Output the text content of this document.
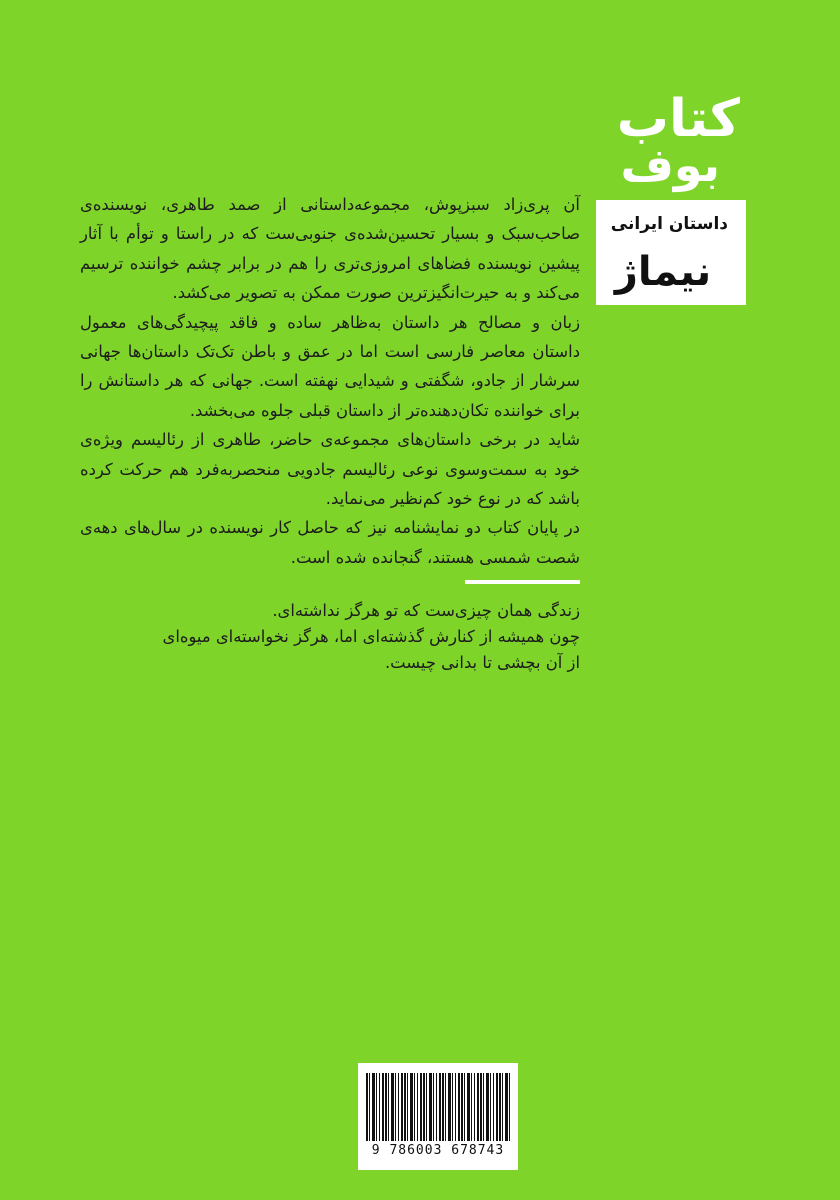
کتاب
بوف
داستان ایرانی
نیماژ

آن پری‌زاد سبزپوش، مجموعه‌داستانی از صمد طاهری، نویسنده‌ی صاحب‌سبک و بسیار تحسین‌شده‌ی جنوبی‌ست که در راستا و توأم با آثار پیشین نویسنده فضاهای امروزی‌تری را هم در برابر چشم خواننده ترسیم می‌کند و به حیرت‌انگیزترین صورت ممکن به تصویر می‌کشد.

زبان و مصالح هر داستان به‌ظاهر ساده و فاقد پیچیدگی‌های معمول داستان معاصر فارسی است اما در عمق و باطن تک‌تک داستان‌ها جهانی سرشار از جادو، شگفتی و شیدایی نهفته است. جهانی که هر داستانش را برای خواننده تکان‌دهنده‌تر از داستان قبلی جلوه می‌بخشد.

شاید در برخی داستان‌های مجموعه‌ی حاضر، طاهری از رئالیسم ویژه‌ی خود به سمت‌وسوی نوعی رئالیسم جادویی منحصربه‌فرد هم حرکت کرده باشد که در نوع خود کم‌نظیر می‌نماید.

در پایان کتاب دو نمایشنامه نیز که حاصل کار نویسنده در سال‌های دهه‌ی شصت شمسی هستند، گنجانده شده است.

زندگی همان چیزی‌ست که تو هرگز نداشته‌ای.
چون همیشه از کنارش گذشته‌ای اما، هرگز نخواسته‌ای میوه‌ای
از آن بچشی تا بدانی چیست.
9 786003 678743
